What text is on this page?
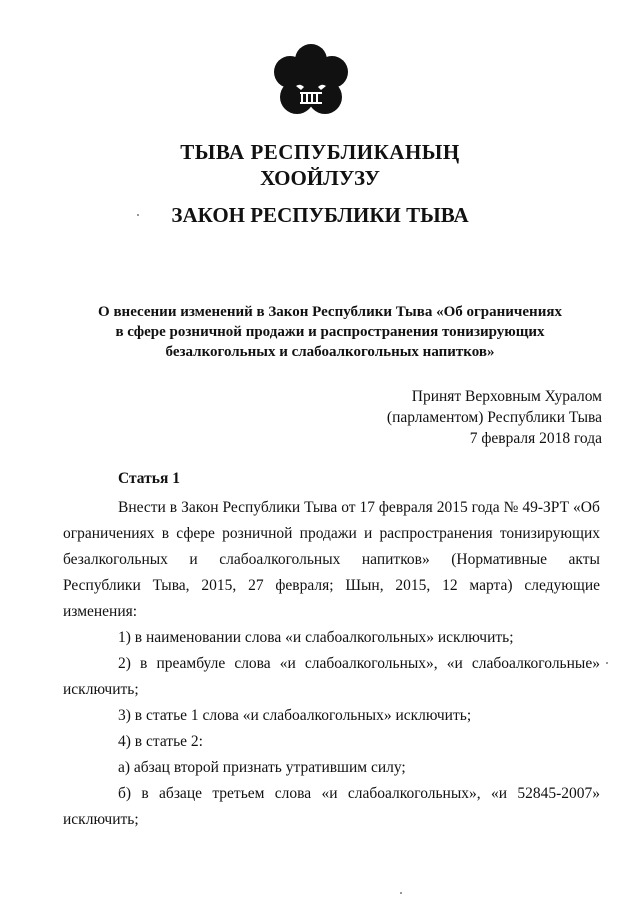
ТЫВА РЕСПУБЛИКАНЫҢ
ХООЙЛУЗУ
ЗАКОН РЕСПУБЛИКИ ТЫВА
О внесении изменений в Закон Республики Тыва «Об ограничениях
в сфере розничной продажи и распространения тонизирующих
безалкогольных и слабоалкогольных напитков»
Принят Верховным Хуралом
(парламентом) Республики Тыва
7 февраля 2018 года
Статья 1
Внести в Закон Республики Тыва от 17 февраля 2015 года № 49-ЗРТ «Об
ограничениях в сфере розничной продажи и распространения тонизирующих
безалкогольных и слабоалкогольных напитков» (Нормативные акты
Республики Тыва, 2015, 27 февраля; Шын, 2015, 12 марта) следующие
изменения:
1) в наименовании слова «и слабоалкогольных» исключить;
2) в преамбуле слова «и слабоалкогольных», «и слабоалкогольные»
исключить;
3) в статье 1 слова «и слабоалкогольных» исключить;
4) в статье 2:
а) абзац второй признать утратившим силу;
б) в абзаце третьем слова «и слабоалкогольных», «и 52845-2007»
исключить;
